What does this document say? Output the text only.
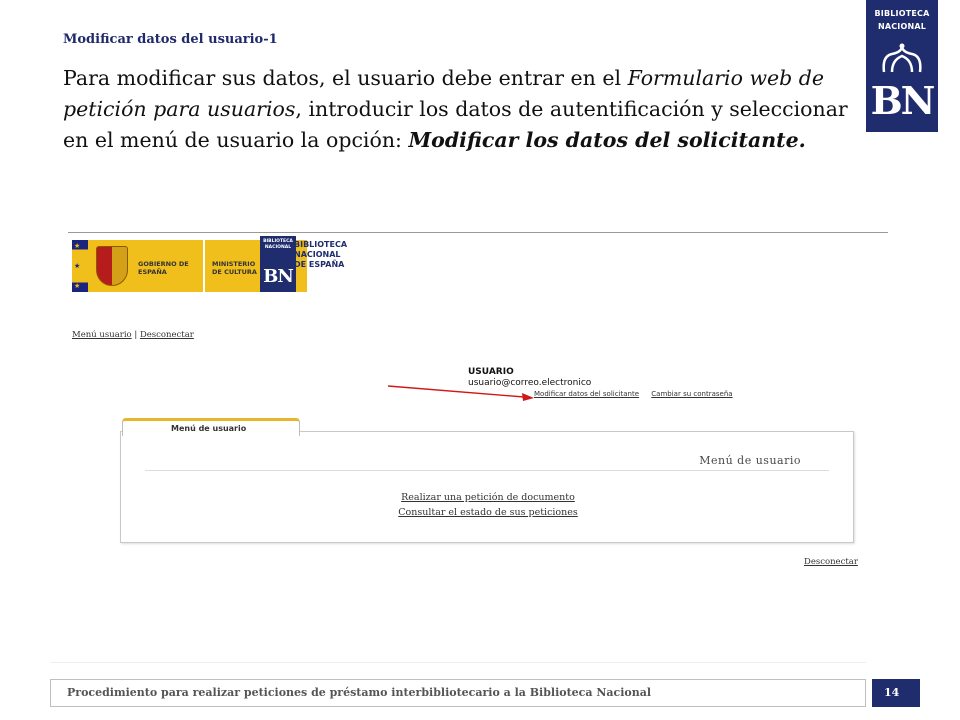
Modificar datos del usuario-1
BIBLIOTECA
NACIONAL
BN
Para modificar sus datos, el usuario debe entrar en el Formulario web de petición para usuarios, introducir los datos de autentificación y seleccionar en el menú de usuario la opción: Modificar los datos del solicitante.
★
★
★
GOBIERNO DE ESPAÑA
MINISTERIO DE CULTURA
BIBLIOTECA
NACIONAL
BN
BIBLIOTECA
NACIONAL
DE ESPAÑA
Menú usuario | Desconectar
USUARIO
usuario@correo.electronico
Modificar datos del solicitante Cambiar su contraseña
Menú de usuario
Menú de usuario
Realizar una petición de documento
Consultar el estado de sus peticiones
Desconectar
Procedimiento para realizar peticiones de préstamo interbibliotecario a la Biblioteca Nacional	14
